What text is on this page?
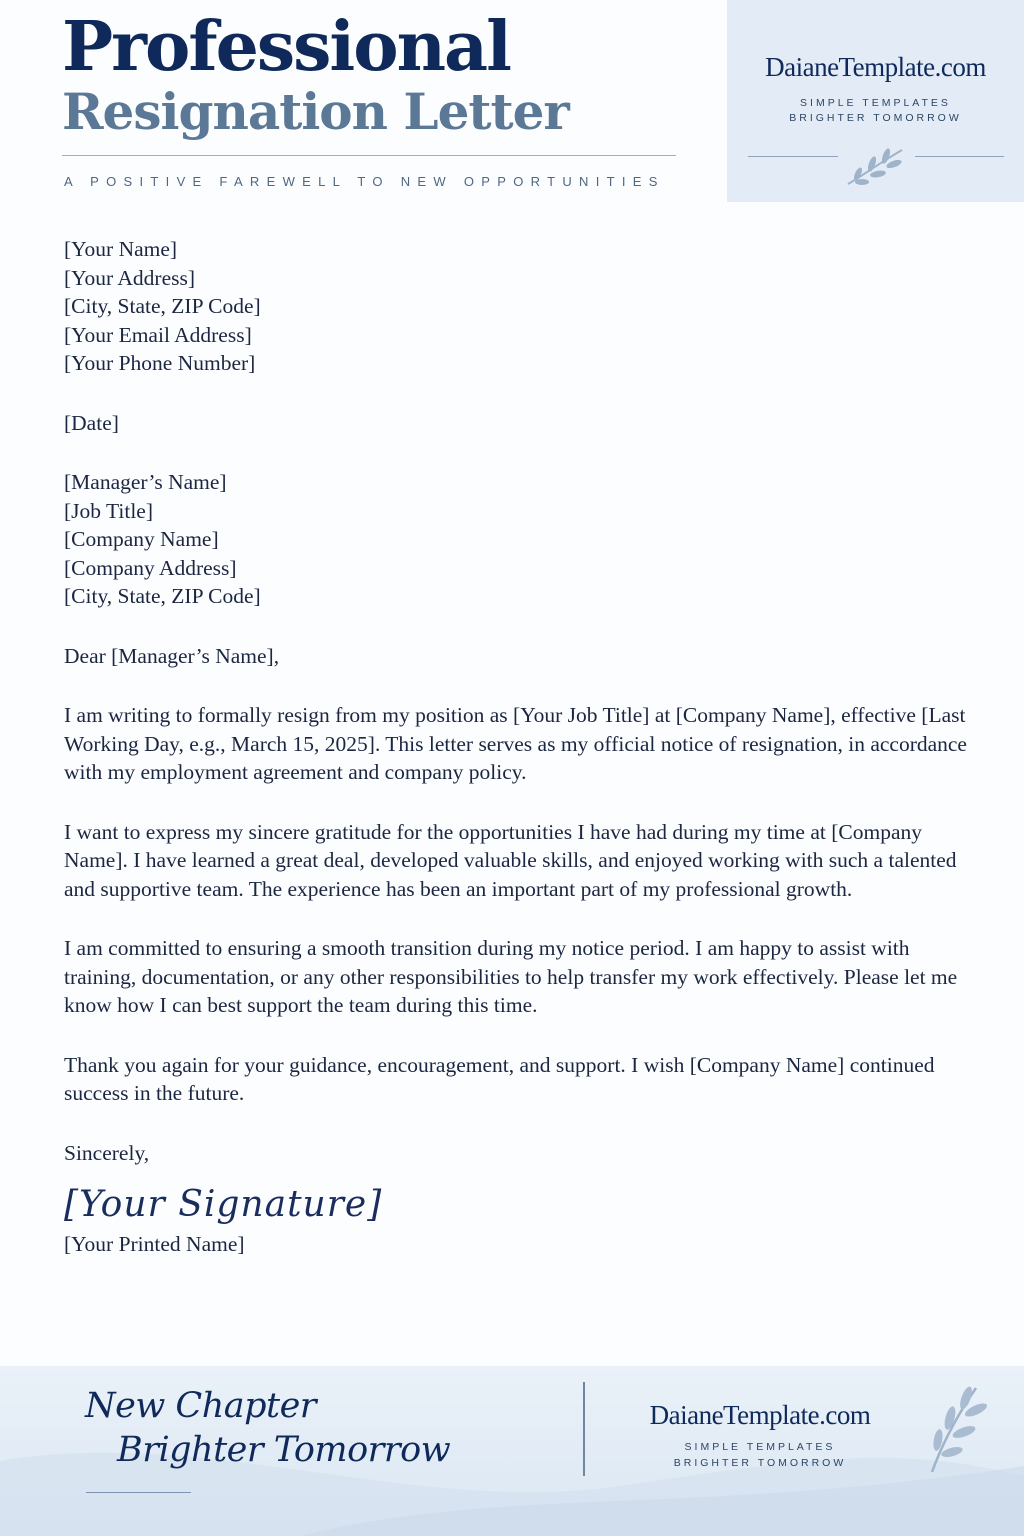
Professional
Resignation Letter

A POSITIVE FAREWELL TO NEW OPPORTUNITIES

DaianeTemplate.com
SIMPLE TEMPLATES
BRIGHTER TOMORROW

[Your Name]

[Your Address]

[City, State, ZIP Code]

[Your Email Address]

[Your Phone Number]

[Date]

[Manager’s Name]

[Job Title]

[Company Name]

[Company Address]

[City, State, ZIP Code]

Dear [Manager’s Name],

I am writing to formally resign from my position as [Your Job Title] at [Company Name], effective [Last Working Day, e.g., March 15, 2025]. This letter serves as my official notice of resignation, in accordance with my employment agreement and company policy.

I want to express my sincere gratitude for the opportunities I have had during my time at [Company Name]. I have learned a great deal, developed valuable skills, and enjoyed working with such a talented and supportive team. The experience has been an important part of my professional growth.

I am committed to ensuring a smooth transition during my notice period. I am happy to assist with training, documentation, or any other responsibilities to help transfer my work effectively. Please let me know how I can best support the team during this time.

Thank you again for your guidance, encouragement, and support. I wish [Company Name] continued success in the future.

Sincerely,

[Your Signature]

[Your Printed Name]

New Chapter
Brighter Tomorrow
DaianeTemplate.com
SIMPLE TEMPLATES
BRIGHTER TOMORROW
